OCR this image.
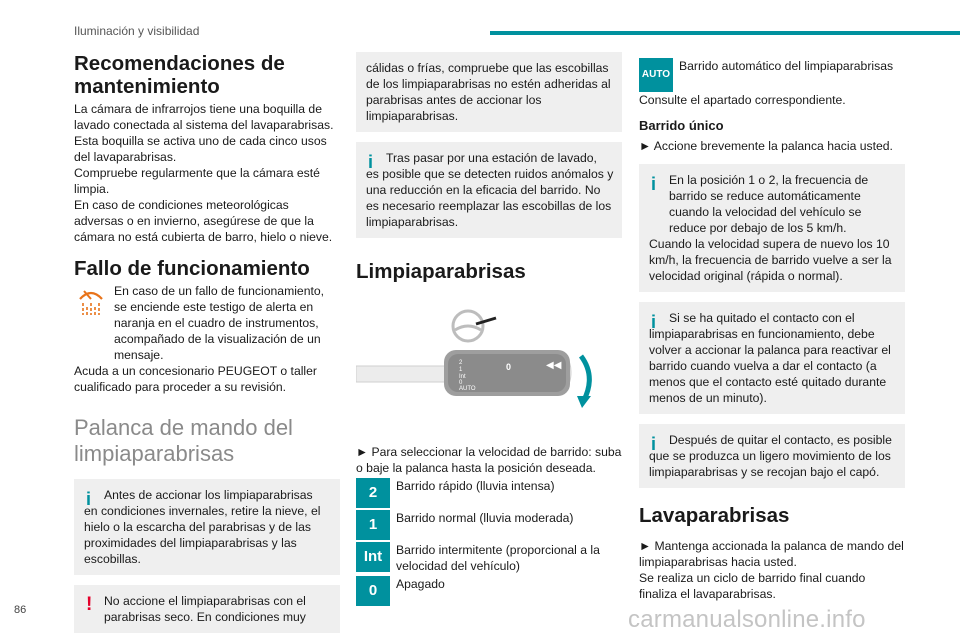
Iluminación y visibilidad
Recomendaciones de mantenimiento

La cámara de infrarrojos tiene una boquilla de lavado conectada al sistema del lavaparabrisas. Esta boquilla se activa uno de cada cinco usos del lavaparabrisas.

Compruebe regularmente que la cámara esté limpia.

En caso de condiciones meteorológicas adversas o en invierno, asegúrese de que la cámara no está cubierta de barro, hielo o nieve.

Fallo de funcionamiento

En caso de un fallo de funcionamiento, se enciende este testigo de alerta en naranja en el cuadro de instrumentos, acompañado de la visualización de un mensaje.

Acuda a un concesionario PEUGEOT o taller cualificado para proceder a su revisión.

Palanca de mando del limpiaparabrisas
i	Antes de accionar los limpiaparabrisas

en condiciones invernales, retire la nieve, el hielo o la escarcha del parabrisas y de las proximidades del limpiaparabrisas y las escobillas.

! No accione el limpiaparabrisas con el

parabrisas seco. En condiciones muy

cálidas o frías, compruebe que las escobillas de los limpiaparabrisas no estén adheridas al parabrisas antes de accionar los limpiaparabrisas.

i	Tras pasar por una estación de lavado,

es posible que se detecten ruidos anómalos y una reducción en la eficacia del barrido. No es necesario reemplazar las escobillas de los limpiaparabrisas.

Limpiaparabrisas
2
1
Int
0
AUTO
0	◀◀

► Para seleccionar la velocidad de barrido: suba o baje la palanca hasta la posición deseada.

2	Barrido rápido (lluvia intensa)
1	Barrido normal (lluvia moderada)
Int	Barrido intermitente (proporcional a la velocidad del vehículo)
0	Apagado
AUTO
Barrido automático del limpiaparabrisas

Consulte el apartado correspondiente.

Barrido único

► Accione brevemente la palanca hacia usted.

i	En la posición 1 o 2, la frecuencia de

barrido se reduce automáticamente cuando la velocidad del vehículo se reduce por debajo de los 5 km/h.

Cuando la velocidad supera de nuevo los 10 km/h, la frecuencia de barrido vuelve a ser la velocidad original (rápida o normal).

i	Si se ha quitado el contacto con el

limpiaparabrisas en funcionamiento, debe volver a accionar la palanca para reactivar el barrido cuando vuelva a dar el contacto (a menos que el contacto esté quitado durante menos de un minuto).

i	Después de quitar el contacto, es posible

que se produzca un ligero movimiento de los limpiaparabrisas y se recojan bajo el capó.

Lavaparabrisas

► Mantenga accionada la palanca de mando del limpiaparabrisas hacia usted.

Se realiza un ciclo de barrido final cuando finaliza el lavaparabrisas.

86	carmanualsonline.info
